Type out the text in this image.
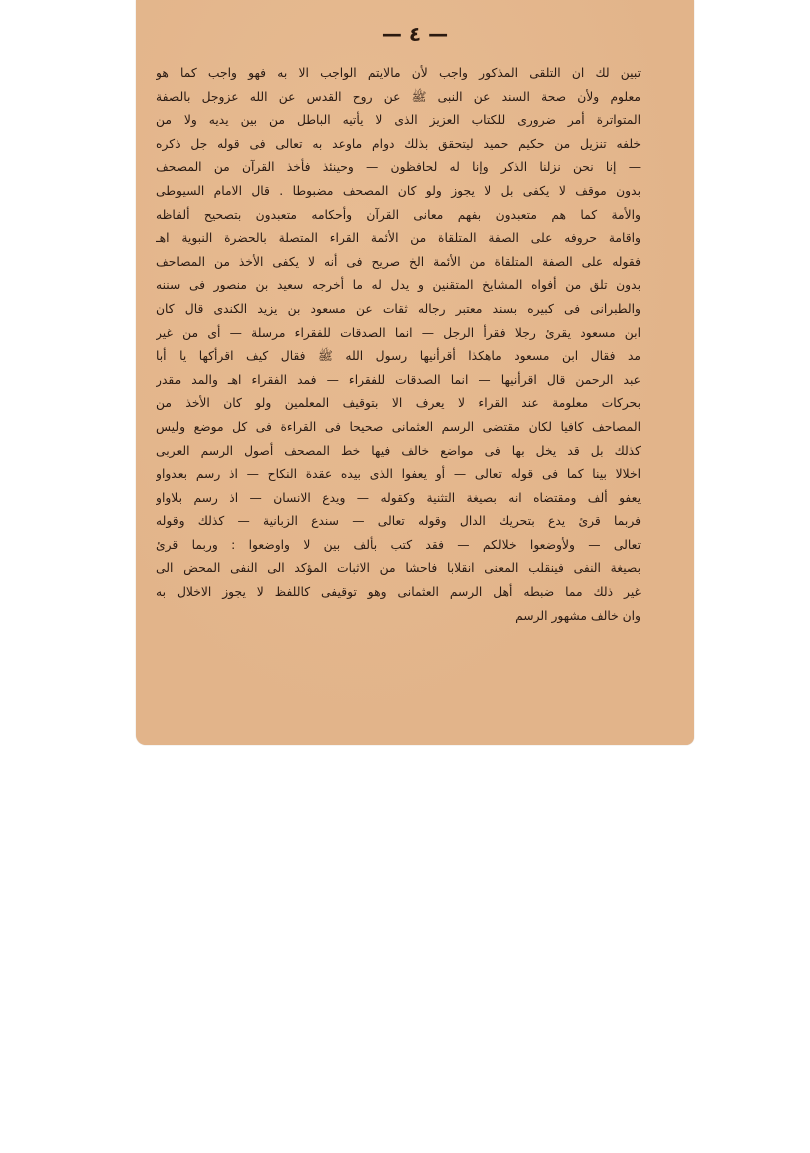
— ٤ —
تبين لك ان التلقى المذكور واجب لأن مالايتم الواجب الا به فهو واجب كما هو
معلوم ولأن صحة السند عن النبى ﷺ عن روح القدس عن الله عزوجل بالصفة
المتواترة أمر ضرورى للكتاب العزيز الذى لا يأتيه الباطل من بين يديه ولا من
خلفه تنزيل من حكيم حميد ليتحقق بذلك دوام ماوعد به تعالى فى قوله جل ذكره
— إنا نحن نزلنا الذكر وإنا له لحافظون — وحينئذ فأخذ القرآن من المصحف
بدون موقف لا يكفى بل لا يجوز ولو كان المصحف مضبوطا . قال الامام السيوطى
والأمة كما هم متعبدون بفهم معانى القرآن وأحكامه متعبدون بتصحيح ألفاظه
واقامة حروفه على الصفة المتلقاة من الأئمة القراء المتصلة بالحضرة النبوية اهـ
فقوله على الصفة المتلقاة من الأئمة الخ صريح فى أنه لا يكفى الأخذ من المصاحف
بدون تلق من أفواه المشايخ المتقنين و يدل له ما أخرجه سعيد بن منصور فى سننه
والطبرانى فى كبيره بسند معتبر رجاله ثقات عن مسعود بن يزيد الكندى قال كان
ابن مسعود يقرئ رجلا فقرأ الرجل — انما الصدقات للفقراء مرسلة — أى من غير
مد فقال ابن مسعود ماهكذا أقرأنيها رسول الله ﷺ فقال كيف اقرأكها يا أبا
عبد الرحمن قال اقرأنيها — انما الصدقات للفقراء — فمد الفقراء اهـ والمد مقدر
بحركات معلومة عند القراء لا يعرف الا بتوقيف المعلمين ولو كان الأخذ من
المصاحف كافيا لكان مقتضى الرسم العثمانى صحيحا فى القراءة فى كل موضع وليس
كذلك بل قد يخل بها فى مواضع خالف فيها خط المصحف أصول الرسم العربى
اخلالا بينا كما فى قوله تعالى — أو يعفوا الذى بيده عقدة النكاح — اذ رسم بعدواو
يعفو ألف ومقتضاه انه بصيغة التثنية وكقوله — ويدع الانسان — اذ رسم بلاواو
فربما قرئ يدع بتحريك الدال وقوله تعالى — سندع الزبانية — كذلك وقوله
تعالى — ولأوضعوا خلالكم — فقد كتب بألف بين لا واوضعوا : وربما قرئ
بصيغة النفى فينقلب المعنى انقلابا فاحشا من الاثبات المؤكد الى النفى المحض الى
غير ذلك مما ضبطه أهل الرسم العثمانى وهو توقيفى كاللفظ لا يجوز الاخلال به
وان خالف مشهور الرسم
